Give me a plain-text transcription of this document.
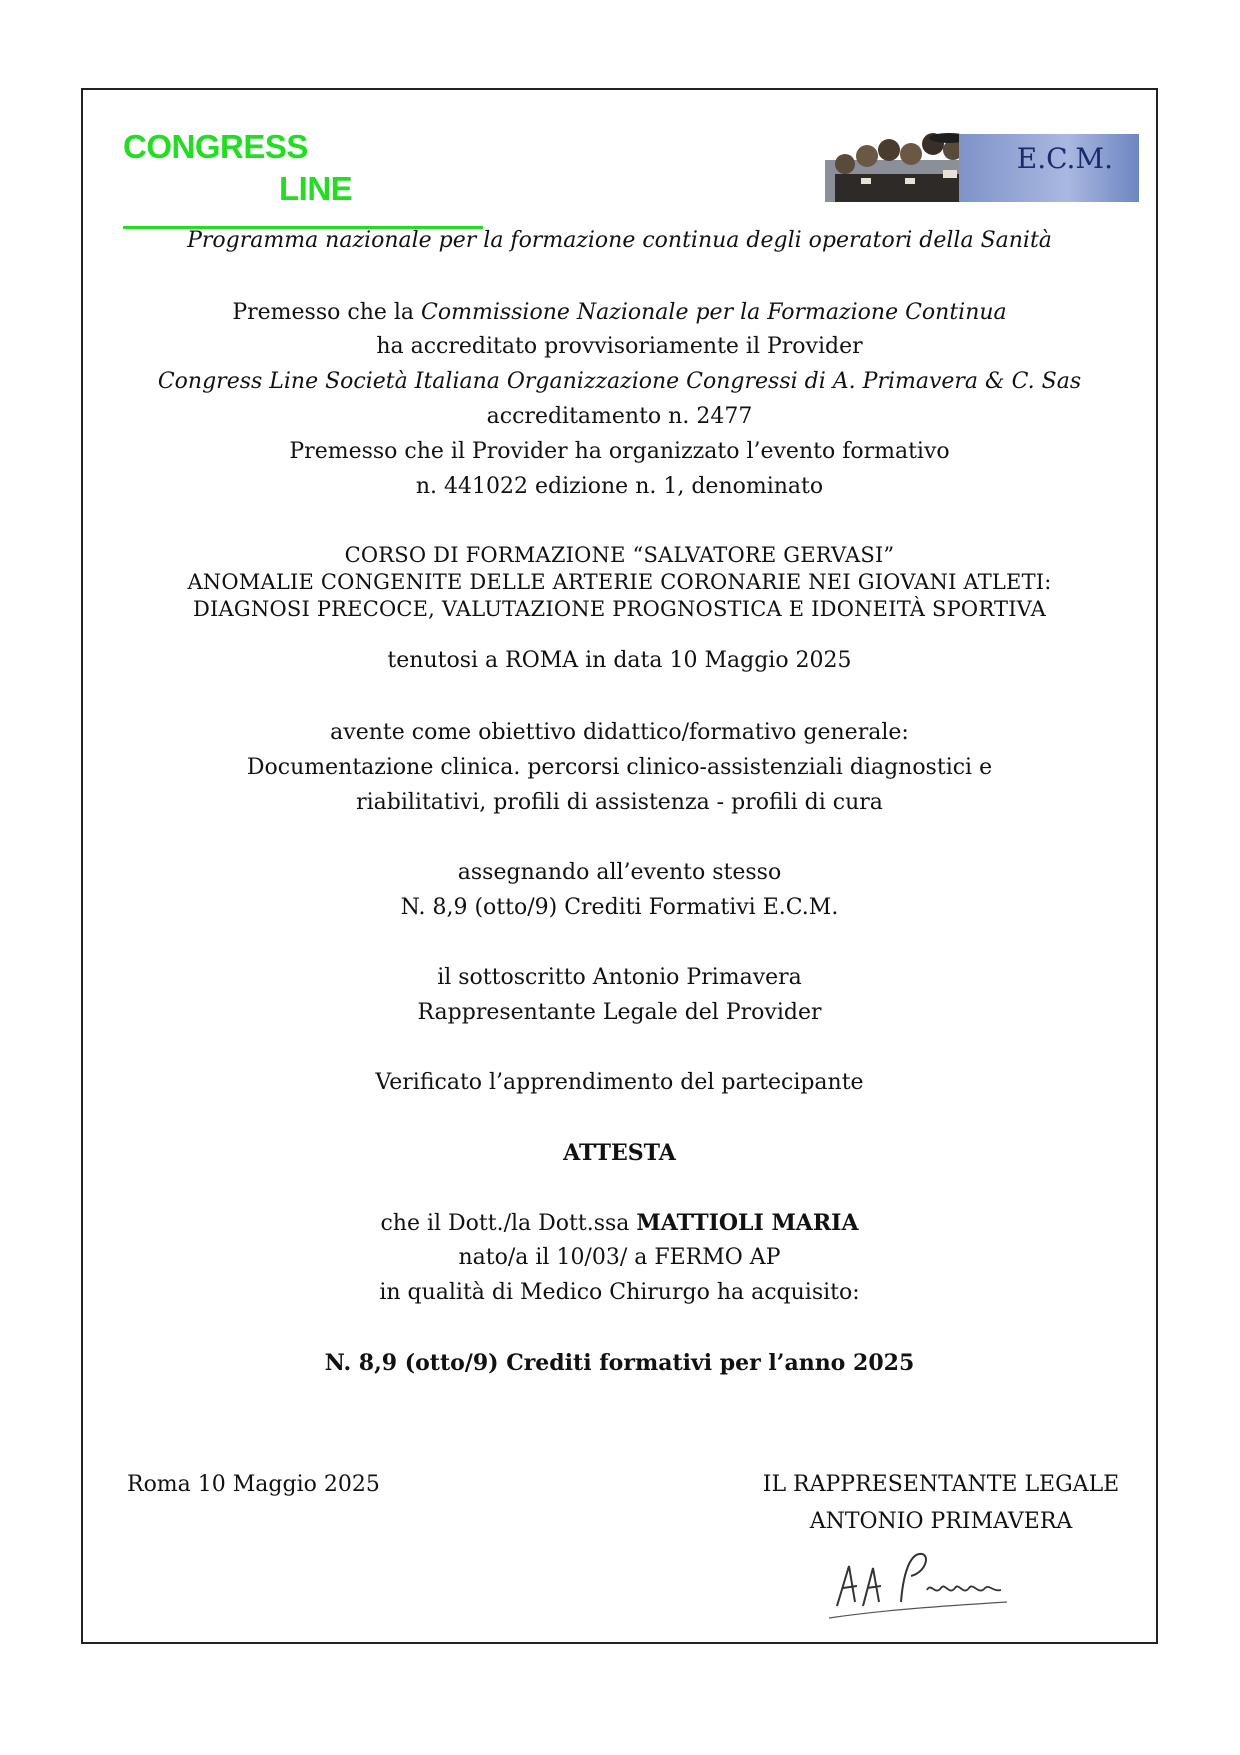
CONGRESS
LINE
E.C.M.
Programma nazionale per la formazione continua degli operatori della Sanità
Premesso che la Commissione Nazionale per la Formazione Continua
ha accreditato provvisoriamente il Provider
Congress Line Società Italiana Organizzazione Congressi di A. Primavera & C. Sas
accreditamento n. 2477
Premesso che il Provider ha organizzato l’evento formativo
n. 441022 edizione n. 1, denominato
CORSO DI FORMAZIONE “SALVATORE GERVASI”
ANOMALIE CONGENITE DELLE ARTERIE CORONARIE NEI GIOVANI ATLETI:
DIAGNOSI PRECOCE, VALUTAZIONE PROGNOSTICA E IDONEITÀ SPORTIVA
tenutosi a ROMA in data 10 Maggio 2025
avente come obiettivo didattico/formativo generale:
Documentazione clinica. percorsi clinico-assistenziali diagnostici e
riabilitativi, profili di assistenza - profili di cura
assegnando all’evento stesso
N. 8,9 (otto/9) Crediti Formativi E.C.M.
il sottoscritto Antonio Primavera
Rappresentante Legale del Provider
Verificato l’apprendimento del partecipante
ATTESTA
che il Dott./la Dott.ssa MATTIOLI MARIA
nato/a il 10/03/ a FERMO AP
in qualità di Medico Chirurgo ha acquisito:
N. 8,9 (otto/9) Crediti formativi per l’anno 2025
Roma 10 Maggio 2025	IL RAPPRESENTANTE LEGALE
ANTONIO PRIMAVERA
